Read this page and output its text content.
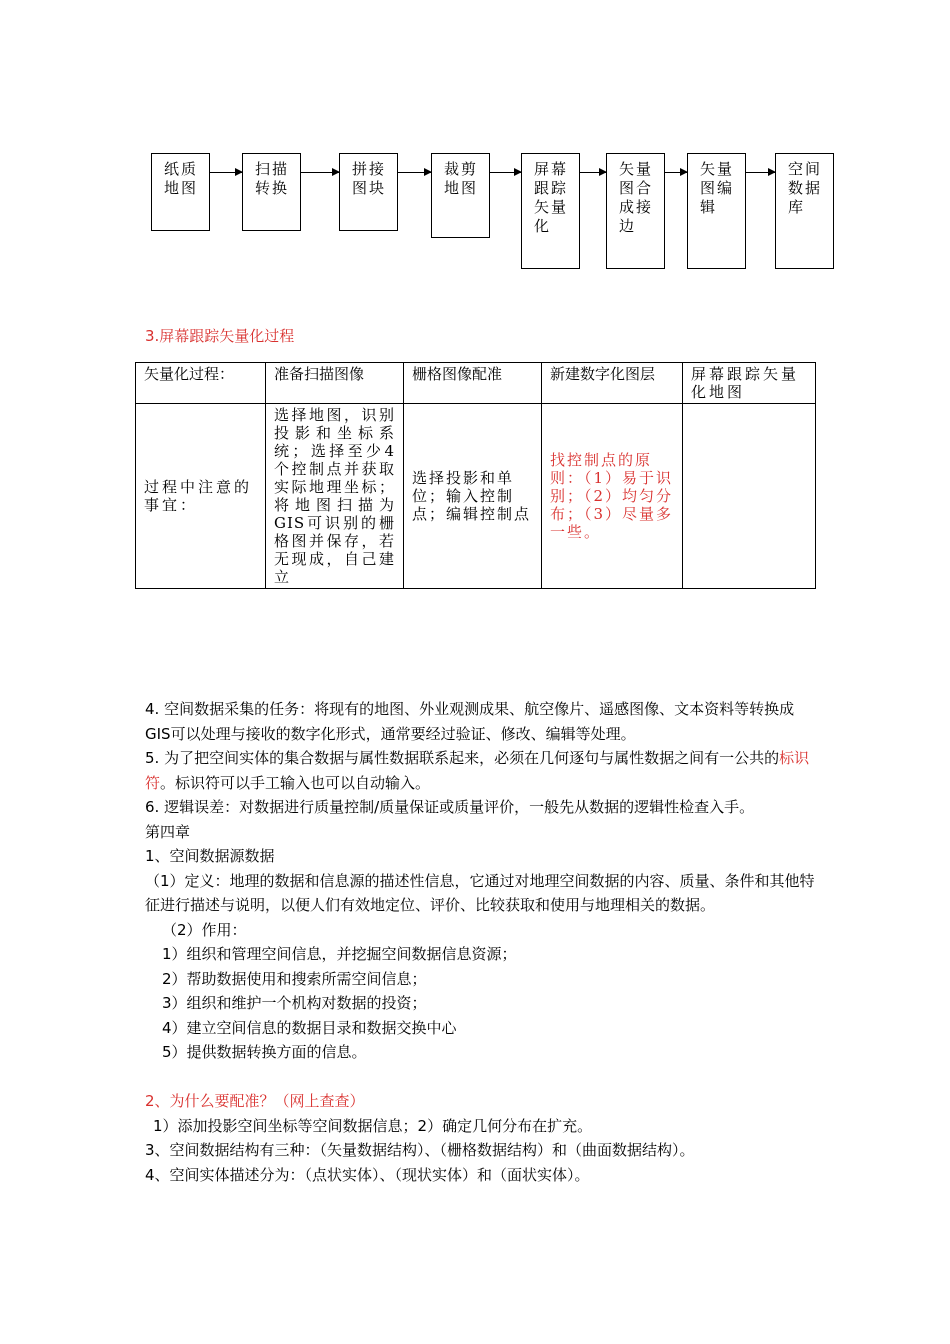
纸质
地图
扫描
转换
拼接
图块
裁剪
地图
屏幕
跟踪
矢量
化
矢量
图合
成接
边
矢量
图编
辑
空间
数据
库
3.屏幕跟踪矢量化过程
矢量化过程：	准备扫描图像	栅格图像配准	新建数字化图层	屏幕跟踪矢量化地图
过程中注意的事宜：	选择地图，识别投影和坐标系统；选择至少4个控制点并获取实际地理坐标；将地图扫描为GIS可识别的栅格图并保存，若无现成，自己建立	选择投影和单位；输入控制点；编辑控制点	找控制点的原则：（1）易于识别；（2）均匀分布；（3）尽量多一些。	

4. 空间数据采集的任务：将现有的地图、外业观测成果、航空像片、遥感图像、文本资料等转换成GIS可以处理与接收的数字化形式，通常要经过验证、修改、编辑等处理。

5. 为了把空间实体的集合数据与属性数据联系起来，必须在几何逐句与属性数据之间有一公共的标识符。标识符可以手工输入也可以自动输入。

6. 逻辑误差：对数据进行质量控制/质量保证或质量评价，一般先从数据的逻辑性检查入手。

第四章

1、空间数据源数据

（1）定义：地理的数据和信息源的描述性信息，它通过对地理空间数据的内容、质量、条件和其他特征进行描述与说明，以便人们有效地定位、评价、比较获取和使用与地理相关的数据。

（2）作用：

1）组织和管理空间信息，并挖掘空间数据信息资源；

2）帮助数据使用和搜索所需空间信息；

3）组织和维护一个机构对数据的投资；

4）建立空间信息的数据目录和数据交换中心

5）提供数据转换方面的信息。

2、为什么要配准？（网上查查）

1）添加投影空间坐标等空间数据信息；2）确定几何分布在扩充。

3、空间数据结构有三种：（矢量数据结构）、（栅格数据结构）和（曲面数据结构）。

4、空间实体描述分为：（点状实体）、（现状实体）和（面状实体）。
